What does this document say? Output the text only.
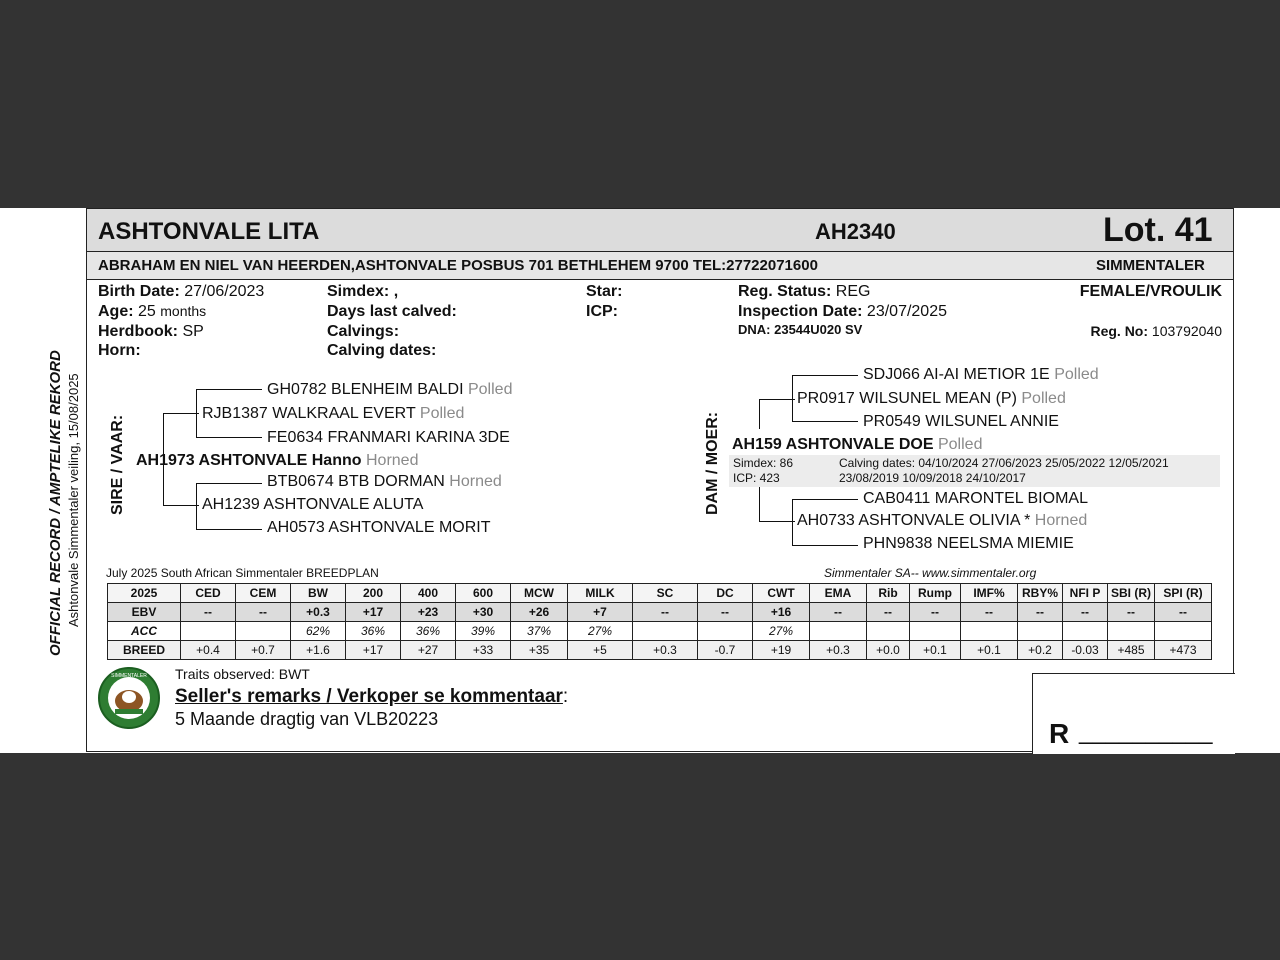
OFFICIAL RECORD / AMPTELIKE REKORD Ashtonvale Simmentaler veiling, 15/08/2025
ASHTONVALE LITA	AH2340	Lot. 41
ABRAHAM EN NIEL VAN HEERDEN,ASHTONVALE POSBUS 701 BETHLEHEM 9700 TEL:27722071600	SIMMENTALER
Birth Date: 27/06/2023
Age: 25 months
Herdbook: SP
Horn:
Simdex: ,
Days last calved:
Calvings:
Calving dates:
Star:
ICP:
Reg. Status: REG
Inspection Date: 23/07/2025
DNA: 23544U020 SV
FEMALE/VROULIK
Reg. No: 103792040
SIRE / VAAR:
GH0782 BLENHEIM BALDI Polled
RJB1387 WALKRAAL EVERT Polled
FE0634 FRANMARI KARINA 3DE
AH1973 ASHTONVALE Hanno Horned
BTB0674 BTB DORMAN Horned
AH1239 ASHTONVALE ALUTA
AH0573 ASHTONVALE MORIT
DAM / MOER:
SDJ066 AI-AI METIOR 1E Polled
PR0917 WILSUNEL MEAN (P) Polled
PR0549 WILSUNEL ANNIE
AH159 ASHTONVALE DOE Polled
Simdex: 86
ICP: 423
Calving dates: 04/10/2024 27/06/2023 25/05/2022 12/05/2021
23/08/2019 10/09/2018 24/10/2017
CAB0411 MARONTEL BIOMAL
AH0733 ASHTONVALE OLIVIA * Horned
PHN9838 NEELSMA MIEMIE
July 2025 South African Simmentaler BREEDPLAN	Simmentaler SA-- www.simmentaler.org
2025	CED	CEM	BW	200	400	600	MCW	MILK	SC	DC	CWT	EMA	Rib	Rump	IMF%	RBY%	NFI P	SBI (R)	SPI (R)
EBV	--	--	+0.3	+17	+23	+30	+26	+7	--	--	+16	--	--	--	--	--	--	--	--
ACC			62%	36%	36%	39%	37%	27%			27%								
BREED	+0.4	+0.7	+1.6	+17	+27	+33	+35	+5	+0.3	-0.7	+19	+0.3	+0.0	+0.1	+0.1	+0.2	-0.03	+485	+473
SIMMENTALER Traits observed: BWT
Seller's remarks / Verkoper se kommentaar:
5 Maande dragtig van VLB20223	R __________
